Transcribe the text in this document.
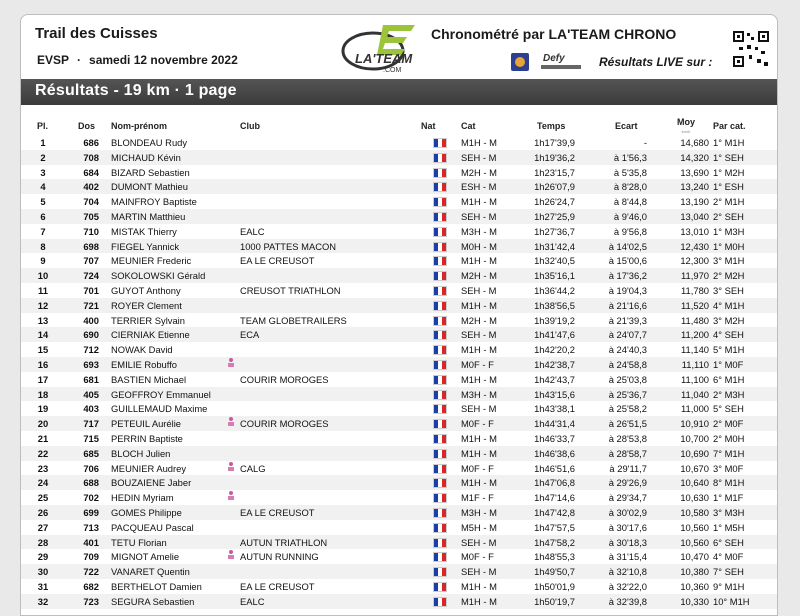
Trail des Cuisses
EVSP · samedi 12 novembre 2022	LA'TEAM
.COM
Chronométré par LA'TEAM CHRONO
Defy	Résultats LIVE sur :
Résultats - 19 km · 1 page
Pl.	Dos Nom-prénom	Club	Nat	Cat	Temps	Ecart	Moy
km/h
Par cat.
1	686 BLONDEAU Rudy	M1H - M	1h17'39,9	-	14,680 1° M1H
2	708 MICHAUD Kévin	SEH - M	1h19'36,2	à 1'56,3	14,320 1° SEH
3	684 BIZARD Sebastien	M2H - M	1h23'15,7	à 5'35,8	13,690 1° M2H
4	402 DUMONT Mathieu	ESH - M	1h26'07,9	à 8'28,0	13,240 1° ESH
5	704 MAINFROY Baptiste	M1H - M	1h26'24,7	à 8'44,8	13,190 2° M1H
6	705 MARTIN Matthieu	SEH - M	1h27'25,9	à 9'46,0	13,040 2° SEH
7	710 MISTAK Thierry	EALC	M3H - M	1h27'36,7	à 9'56,8	13,010 1° M3H
8	698 FIEGEL Yannick	1000 PATTES MACON	M0H - M	1h31'42,4	à 14'02,5	12,430 1° M0H
9	707 MEUNIER Frederic	EA LE CREUSOT	M1H - M	1h32'40,5	à 15'00,6	12,300 3° M1H
10	724 SOKOLOWSKI Gérald	M2H - M	1h35'16,1	à 17'36,2	11,970 2° M2H
11	701 GUYOT Anthony	CREUSOT TRIATHLON	SEH - M	1h36'44,2	à 19'04,3	11,780 3° SEH
12	721 ROYER Clement	M1H - M	1h38'56,5	à 21'16,6	11,520 4° M1H
13	400 TERRIER Sylvain	TEAM GLOBETRAILERS	M2H - M	1h39'19,2	à 21'39,3	11,480 3° M2H
14	690 CIERNIAK Etienne	ECA	SEH - M	1h41'47,6	à 24'07,7	11,200 4° SEH
15	712 NOWAK David	M1H - M	1h42'20,2	à 24'40,3	11,140 5° M1H
16	693 EMILIE Robuffo	M0F - F	1h42'38,7	à 24'58,8	11,110 1° M0F
17	681 BASTIEN Michael	COURIR MOROGES	M1H - M	1h42'43,7	à 25'03,8	11,100 6° M1H
18	405 GEOFFROY Emmanuel	M3H - M	1h43'15,6	à 25'36,7	11,040 2° M3H
19	403 GUILLEMAUD Maxime	SEH - M	1h43'38,1	à 25'58,2	11,000 5° SEH
20	717 PETEUIL Aurélie	COURIR MOROGES	M0F - F	1h44'31,4	à 26'51,5	10,910 2° M0F
21	715 PERRIN Baptiste	M1H - M	1h46'33,7	à 28'53,8	10,700 2° M0H
22	685 BLOCH Julien	M1H - M	1h46'38,6	à 28'58,7	10,690 7° M1H
23	706 MEUNIER Audrey	CALG	M0F - F	1h46'51,6	à 29'11,7	10,670 3° M0F
24	688 BOUZAIENE Jaber	M1H - M	1h47'06,8	à 29'26,9	10,640 8° M1H
25	702 HEDIN Myriam	M1F - F	1h47'14,6	à 29'34,7	10,630 1° M1F
26	699 GOMES Philippe	EA LE CREUSOT	M3H - M	1h47'42,8	à 30'02,9	10,580 3° M3H
27	713 PACQUEAU Pascal	M5H - M	1h47'57,5	à 30'17,6	10,560 1° M5H
28	401 TETU Florian	AUTUN TRIATHLON	SEH - M	1h47'58,2	à 30'18,3	10,560 6° SEH
29	709 MIGNOT Amelie	AUTUN RUNNING	M0F - F	1h48'55,3	à 31'15,4	10,470 4° M0F
30	722 VANARET Quentin	SEH - M	1h49'50,7	à 32'10,8	10,380 7° SEH
31	682 BERTHELOT Damien	EA LE CREUSOT	M1H - M	1h50'01,9	à 32'22,0	10,360 9° M1H
32	723 SEGURA Sebastien	EALC	M1H - M	1h50'19,7	à 32'39,8	10,330 10° M1H
